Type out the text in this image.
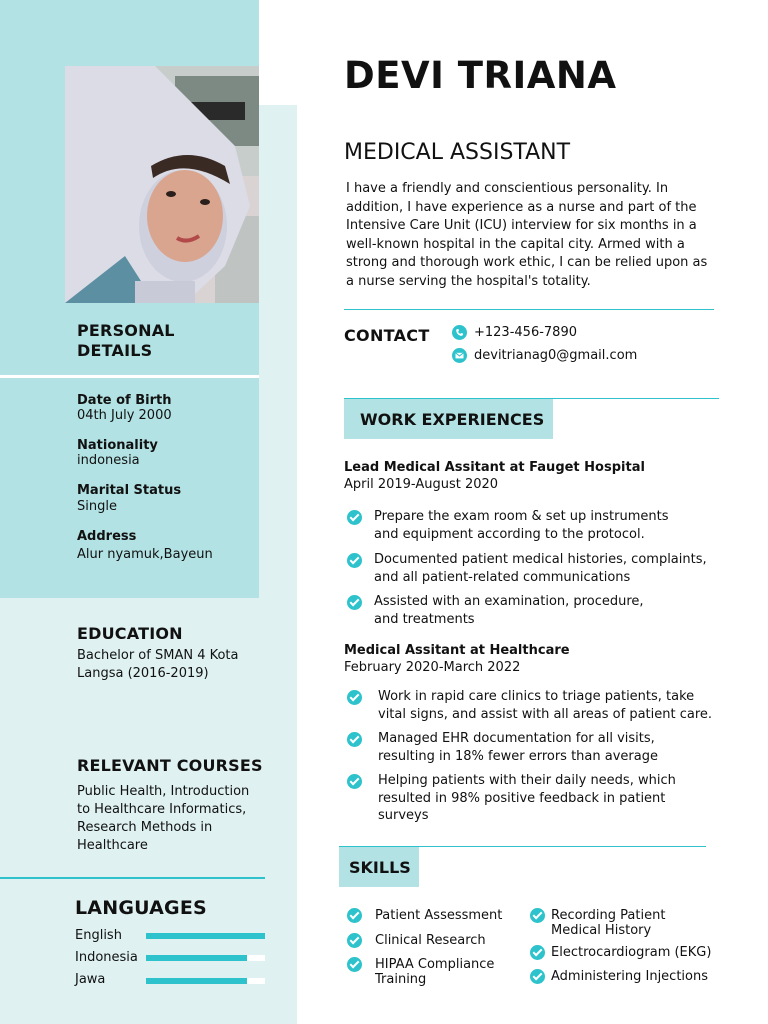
DEVI TRIANA
MEDICAL ASSISTANT
I have a friendly and conscientious personality. In addition, I have experience as a nurse and part of the Intensive Care Unit (ICU) interview for six months in a well-known hospital in the capital city. Armed with a strong and thorough work ethic, I can be relied upon as a nurse serving the hospital's totality.
CONTACT	+123-456-7890
devitrianag0@gmail.com
WORK EXPERIENCES
Lead Medical Assitant at Fauget Hospital
April 2019-August 2020
Prepare the exam room & set up instruments and equipment according to the protocol.
Documented patient medical histories, complaints, and all patient-related communications
Assisted with an examination, procedure, and treatments
Medical Assitant at Healthcare
February 2020-March 2022
Work in rapid care clinics to triage patients, take vital signs, and assist with all areas of patient care.
Managed EHR documentation for all visits, resulting in 18% fewer errors than average
Helping patients with their daily needs, which resulted in 98% positive feedback in patient surveys
SKILLS
Patient Assessment
Clinical Research
HIPAA Compliance Training
Recording Patient Medical History
Electrocardiogram (EKG)
Administering Injections
PERSONAL
DETAILS
Date of Birth
04th July 2000
Nationality
indonesia
Marital Status
Single
Address
Alur nyamuk,Bayeun
EDUCATION
Bachelor of SMAN 4 Kota Langsa (2016-2019)
RELEVANT COURSES
Public Health, Introduction to Healthcare Informatics, Research Methods in Healthcare
LANGUAGES
English
Indonesia
Jawa
